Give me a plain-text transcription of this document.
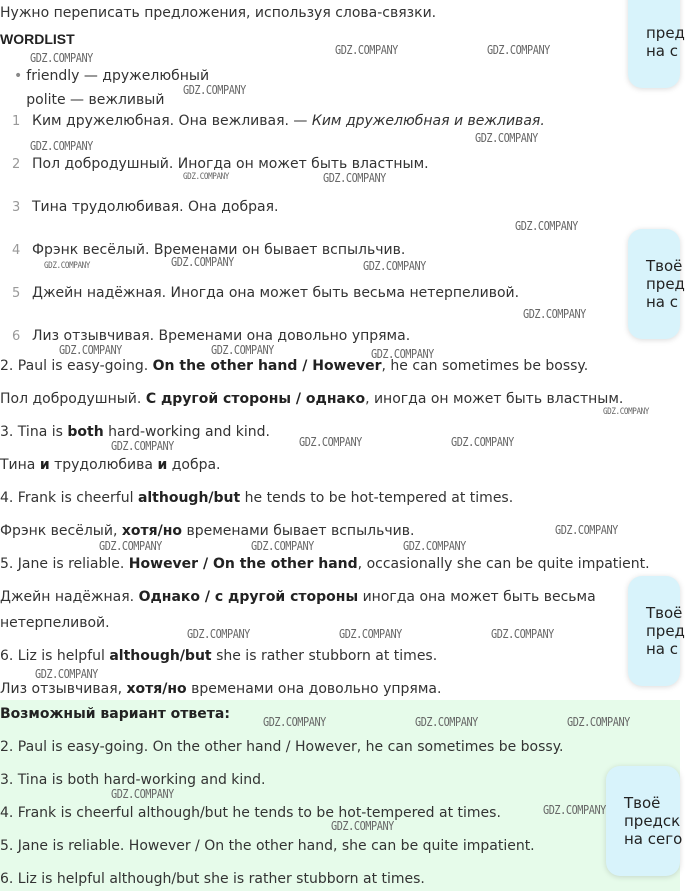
Нужно переписать предложения, используя слова-связки.
WORDLIST
• friendly — дружелюбный
polite — вежливый
1 Ким дружелюбная. Она вежливая. — Ким дружелюбная и вежливая.
2 Пол добродушный. Иногда он может быть властным.
3 Тина трудолюбивая. Она добрая.
4 Фрэнк весёлый. Временами он бывает вспыльчив.
5 Джейн надёжная. Иногда она может быть весьма нетерпеливой.
6 Лиз отзывчивая. Временами она довольно упряма.
2. Paul is easy-going. On the other hand / However, he can sometimes be bossy.
Пол добродушный. С другой стороны / однако, иногда он может быть властным.
3. Tina is both hard-working and kind.
Тина и трудолюбива и добра.
4. Frank is cheerful although/but he tends to be hot-tempered at times.
Фрэнк весёлый, хотя/но временами бывает вспыльчив.
5. Jane is reliable. However / On the other hand, occasionally she can be quite impatient.
Джейн надёжная. Однако / с другой стороны иногда она может быть весьма
нетерпеливой.
6. Liz is helpful although/but she is rather stubborn at times.
Лиз отзывчивая, хотя/но временами она довольно упряма.
Возможный вариант ответа:
2. Paul is easy-going. On the other hand / However, he can sometimes be bossy.
3. Tina is both hard-working and kind.
4. Frank is cheerful although/but he tends to be hot-tempered at times.
5. Jane is reliable. However / On the other hand, she can be quite impatient.
6. Liz is helpful although/but she is rather stubborn at times.
GDZ.COMPANY
GDZ.COMPANY	GDZ.COMPANY
GDZ.COMPANY
GDZ.COMPANY
GDZ.COMPANY
GDZ.COMPANY	GDZ.COMPANY
GDZ.COMPANY
GDZ.COMPANY	GDZ.COMPANY	GDZ.COMPANY
GDZ.COMPANY
GDZ.COMPANY	GDZ.COMPANY	GDZ.COMPANY
GDZ.COMPANY
GDZ.COMPANY	GDZ.COMPANY	GDZ.COMPANY
GDZ.COMPANY
GDZ.COMPANY	GDZ.COMPANY	GDZ.COMPANY
GDZ.COMPANY	GDZ.COMPANY	GDZ.COMPANY
GDZ.COMPANY
GDZ.COMPANY	GDZ.COMPANY	GDZ.COMPANY
GDZ.COMPANY
GDZ.COMPANY
GDZ.COMPANY
пред
на с
Твоё
пред
на с
Твоё
пред
на с
Твоё
предск
на сего
